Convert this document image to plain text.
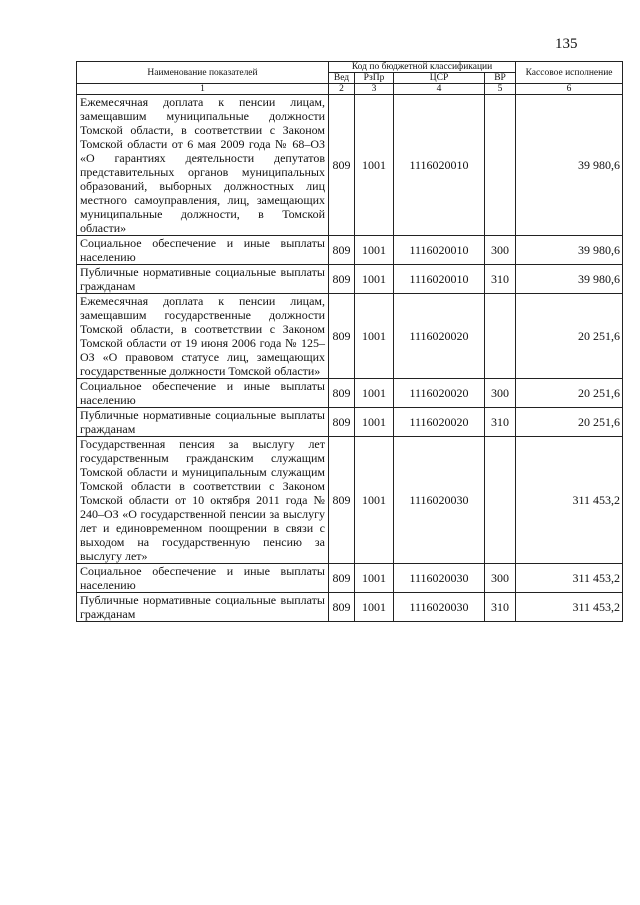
135
Наименование показателей	Код по бюджетной классификации				Кассовое исполнение
	Вед	РзПр	ЦСР	ВР	
1	2	3	4	5	6
Ежемесячная доплата к пенсии лицам, замещавшим муниципальные должности Томской области, в соответствии с Законом Томской области от 6 мая 2009 года № 68–ОЗ «О гарантиях деятельности депутатов представительных органов муниципальных образований, выборных должностных лиц местного самоуправления, лиц, замещающих муниципальные должности, в Томской области»	809	1001	1116020010		39 980,6
Социальное обеспечение и иные выплаты населению	809	1001	1116020010	300	39 980,6
Публичные нормативные социальные выплаты гражданам	809	1001	1116020010	310	39 980,6
Ежемесячная доплата к пенсии лицам, замещавшим государственные должности Томской области, в соответствии с Законом Томской области от 19 июня 2006 года № 125–ОЗ «О правовом статусе лиц, замещающих государственные должности Томской области»	809	1001	1116020020		20 251,6
Социальное обеспечение и иные выплаты населению	809	1001	1116020020	300	20 251,6
Публичные нормативные социальные выплаты гражданам	809	1001	1116020020	310	20 251,6
Государственная пенсия за выслугу лет государственным гражданским служащим Томской области и муниципальным служащим Томской области в соответствии с Законом Томской области от 10 октября 2011 года № 240–ОЗ «О государственной пенсии за выслугу лет и единовременном поощрении в связи с выходом на государственную пенсию за выслугу лет»	809	1001	1116020030		311 453,2
Социальное обеспечение и иные выплаты населению	809	1001	1116020030	300	311 453,2
Публичные нормативные социальные выплаты гражданам	809	1001	1116020030	310	311 453,2
